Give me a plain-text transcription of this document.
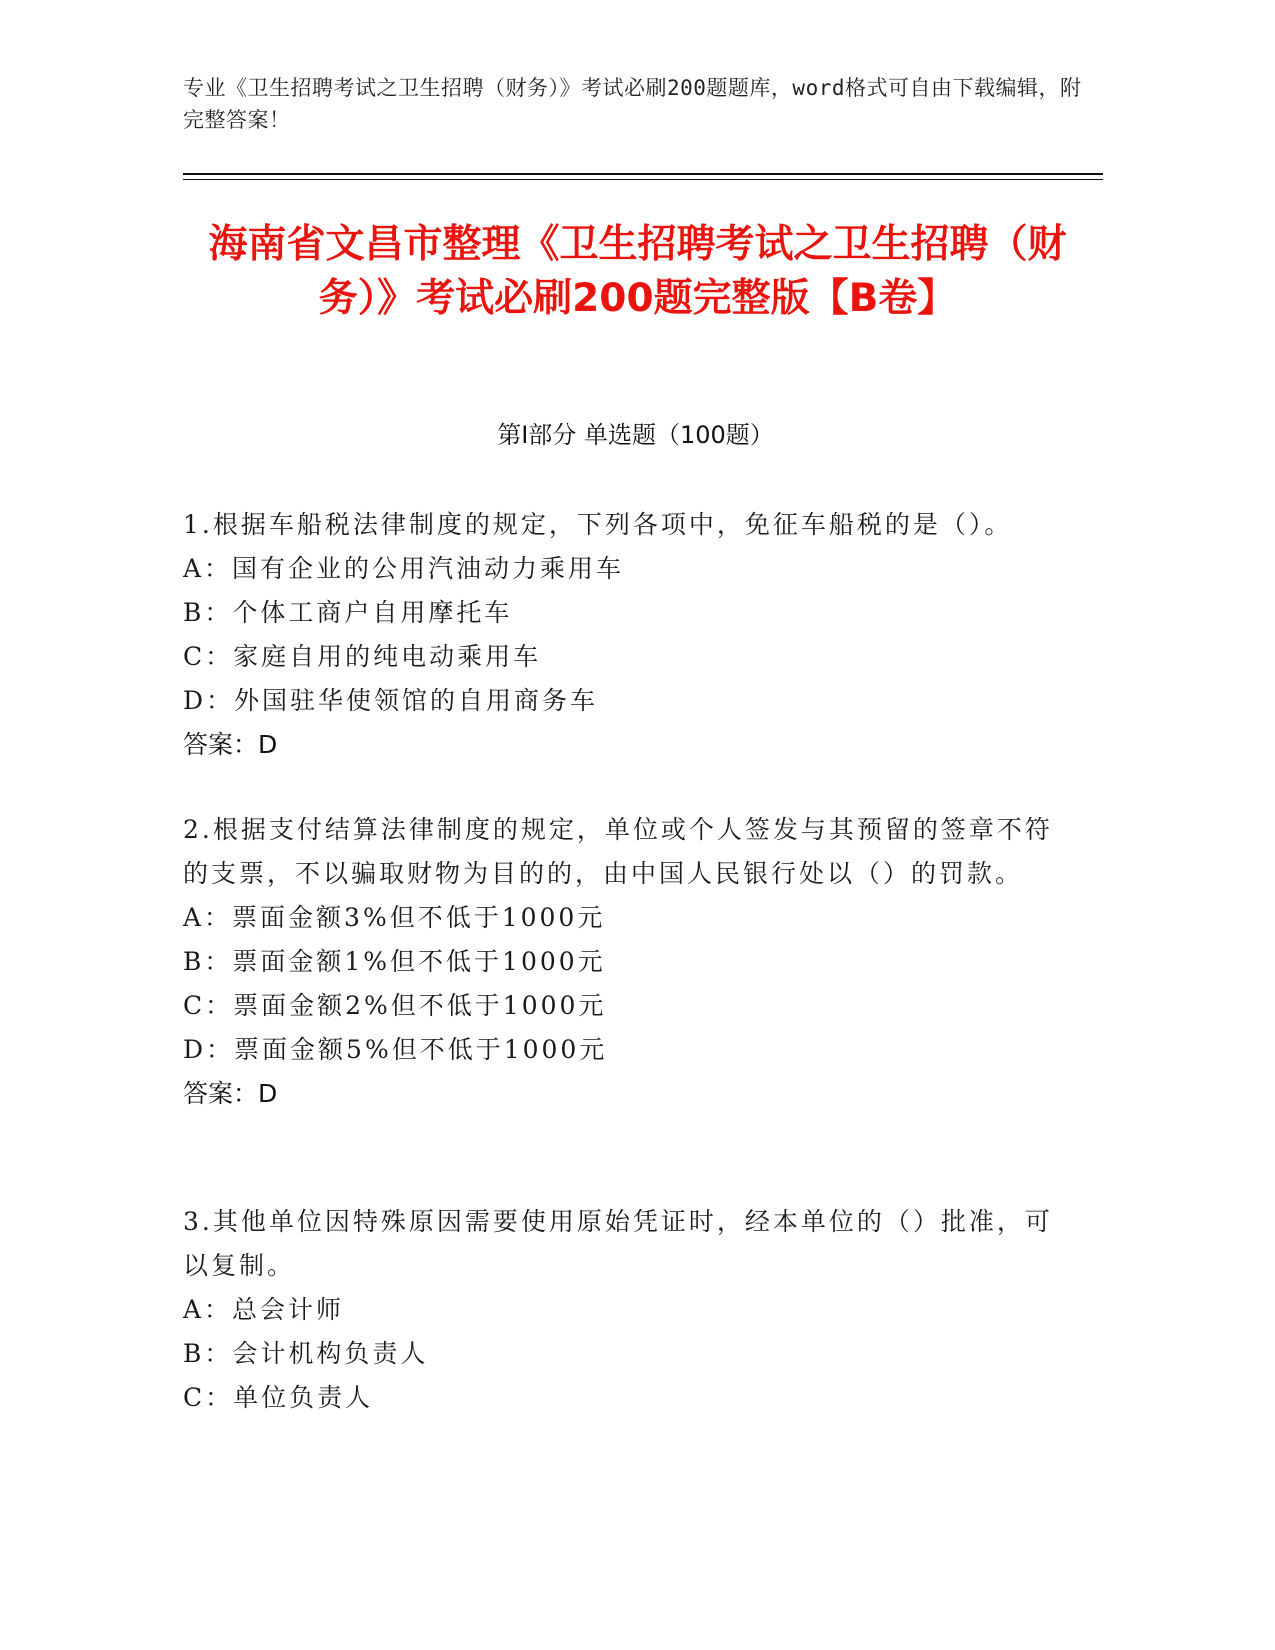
专业《卫生招聘考试之卫生招聘（财务）》考试必刷200题题库，word格式可自由下载编辑，附完整答案！
海南省文昌市整理《卫生招聘考试之卫生招聘（财务）》考试必刷200题完整版【B卷】
第Ⅰ部分 单选题（100题）
1.根据车船税法律制度的规定，下列各项中，免征车船税的是（）。
A：国有企业的公用汽油动力乘用车
B：个体工商户自用摩托车
C：家庭自用的纯电动乘用车
D：外国驻华使领馆的自用商务车
答案：D
2.根据支付结算法律制度的规定，单位或个人签发与其预留的签章不符的支票，不以骗取财物为目的的，由中国人民银行处以（）的罚款。
A：票面金额3%但不低于1000元
B：票面金额1%但不低于1000元
C：票面金额2%但不低于1000元
D：票面金额5%但不低于1000元
答案：D
3.其他单位因特殊原因需要使用原始凭证时，经本单位的（）批准，可以复制。
A：总会计师
B：会计机构负责人
C：单位负责人
